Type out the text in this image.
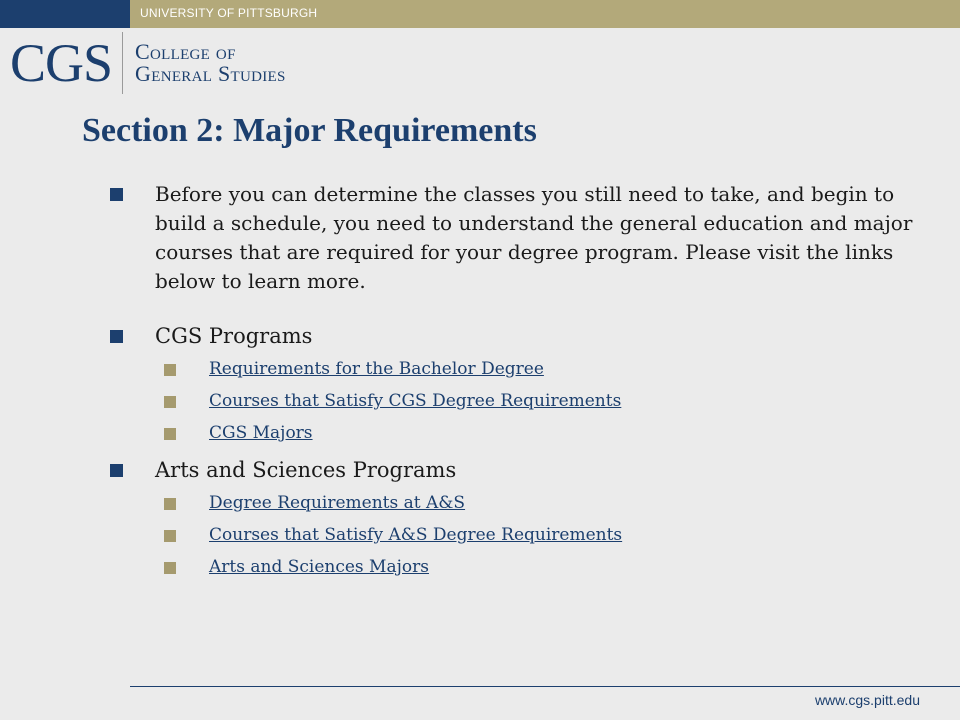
UNIVERSITY OF PITTSBURGH
CGS College of
General Studies
Section 2: Major Requirements
Before you can determine the classes you still need to take, and begin to build a schedule, you need to understand the general education and major courses that are required for your degree program. Please visit the links below to learn more.
CGS Programs
Requirements for the Bachelor Degree
Courses that Satisfy CGS Degree Requirements
CGS Majors
Arts and Sciences Programs
Degree Requirements at A&S
Courses that Satisfy A&S Degree Requirements
Arts and Sciences Majors
www.cgs.pitt.edu
